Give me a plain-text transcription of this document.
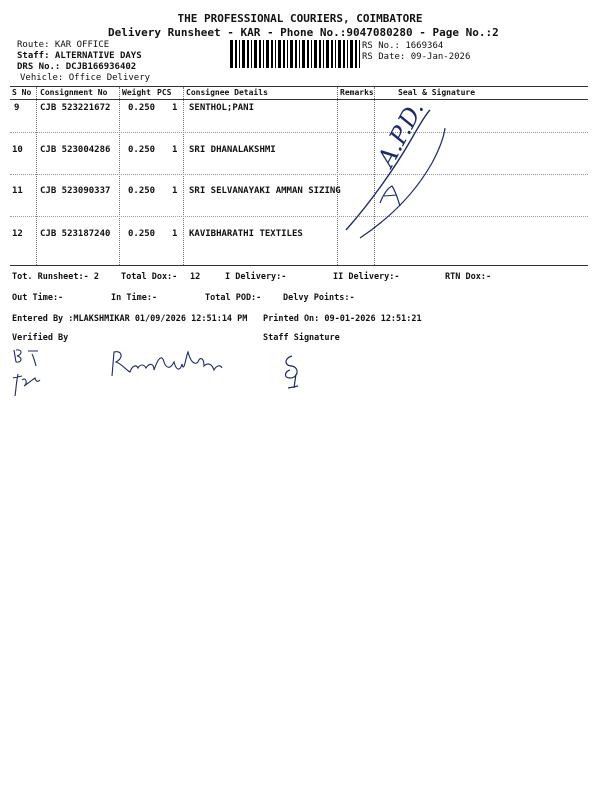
THE PROFESSIONAL COURIERS, COIMBATORE
Delivery Runsheet - KAR - Phone No.:9047080280 - Page No.:2
Route: KAR OFFICE
Staff: ALTERNATIVE DAYS
DRS No.: DCJB166936402
Vehicle: Office Delivery
RS No.: 1669364
RS Date: 09-Jan-2026
S No Consignment No Weight PCS Consignee Details	Remarks	Seal & Signature
9 CJB 523221672 0.250 1 SENTHOL;PANI
10 CJB 523004286 0.250 1 SRI DHANALAKSHMI
11 CJB 523090337 0.250 1 SRI SELVANAYAKI AMMAN SIZING
12 CJB 523187240 0.250 1 KAVIBHARATHI TEXTILES
A.P.D.
Tot. Runsheet:- 2	Total Dox:- 12	I Delivery:-	II Delivery:-	RTN Dox:-
Out Time:-	In Time:-	Total POD:-	Delvy Points:-
Entered By :MLAKSHMIKAR 01/09/2026 12:51:14 PM Printed On: 09-01-2026 12:51:21
Verified By	Staff Signature
